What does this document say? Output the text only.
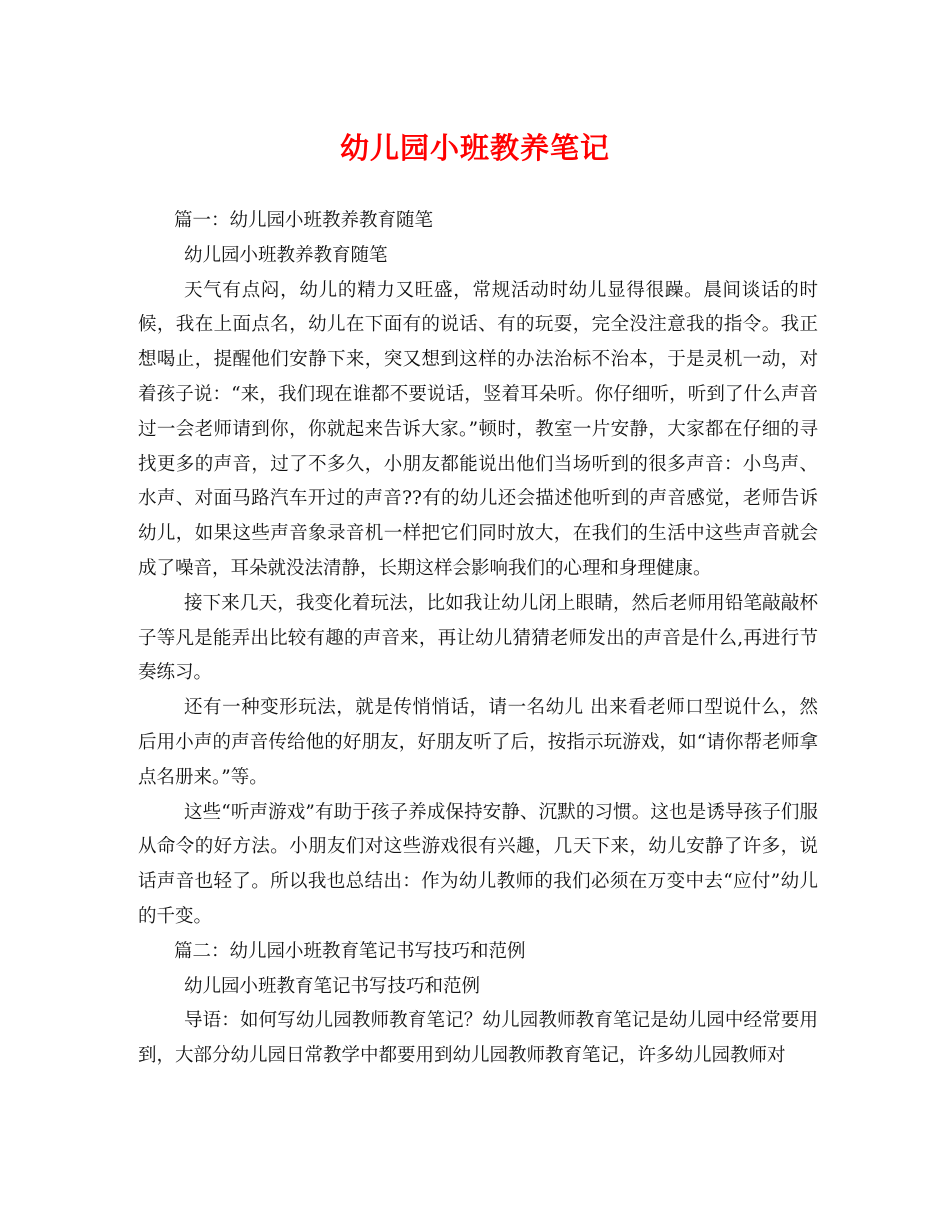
幼儿园小班教养笔记

篇一：幼儿园小班教养教育随笔

幼儿园小班教养教育随笔

天气有点闷，幼儿的精力又旺盛，常规活动时幼儿显得很躁。晨间谈话的时候，我在上面点名，幼儿在下面有的说话、有的玩耍，完全没注意我的指令。我正想喝止，提醒他们安静下来，突又想到这样的办法治标不治本，于是灵机一动，对着孩子说：“来，我们现在谁都不要说话，竖着耳朵听。你仔细听，听到了什么声音过一会老师请到你，你就起来告诉大家。”顿时，教室一片安静，大家都在仔细的寻找更多的声音，过了不多久，小朋友都能说出他们当场听到的很多声音：小鸟声、水声、对面马路汽车开过的声音??有的幼儿还会描述他听到的声音感觉，老师告诉幼儿，如果这些声音象录音机一样把它们同时放大，在我们的生活中这些声音就会成了噪音，耳朵就没法清静，长期这样会影响我们的心理和身理健康。

接下来几天，我变化着玩法，比如我让幼儿闭上眼睛，然后老师用铅笔敲敲杯子等凡是能弄出比较有趣的声音来，再让幼儿猜猜老师发出的声音是什么,再进行节奏练习。

还有一种变形玩法，就是传悄悄话，请一名幼儿 出来看老师口型说什么，然后用小声的声音传给他的好朋友，好朋友听了后，按指示玩游戏，如“请你帮老师拿点名册来。”等。

这些“听声游戏”有助于孩子养成保持安静、沉默的习惯。这也是诱导孩子们服从命令的好方法。小朋友们对这些游戏很有兴趣，几天下来，幼儿安静了许多，说话声音也轻了。所以我也总结出：作为幼儿教师的我们必须在万变中去“应付”幼儿的千变。

篇二：幼儿园小班教育笔记书写技巧和范例

幼儿园小班教育笔记书写技巧和范例

导语：如何写幼儿园教师教育笔记？幼儿园教师教育笔记是幼儿园中经常要用到，大部分幼儿园日常教学中都要用到幼儿园教师教育笔记，许多幼儿园教师对
